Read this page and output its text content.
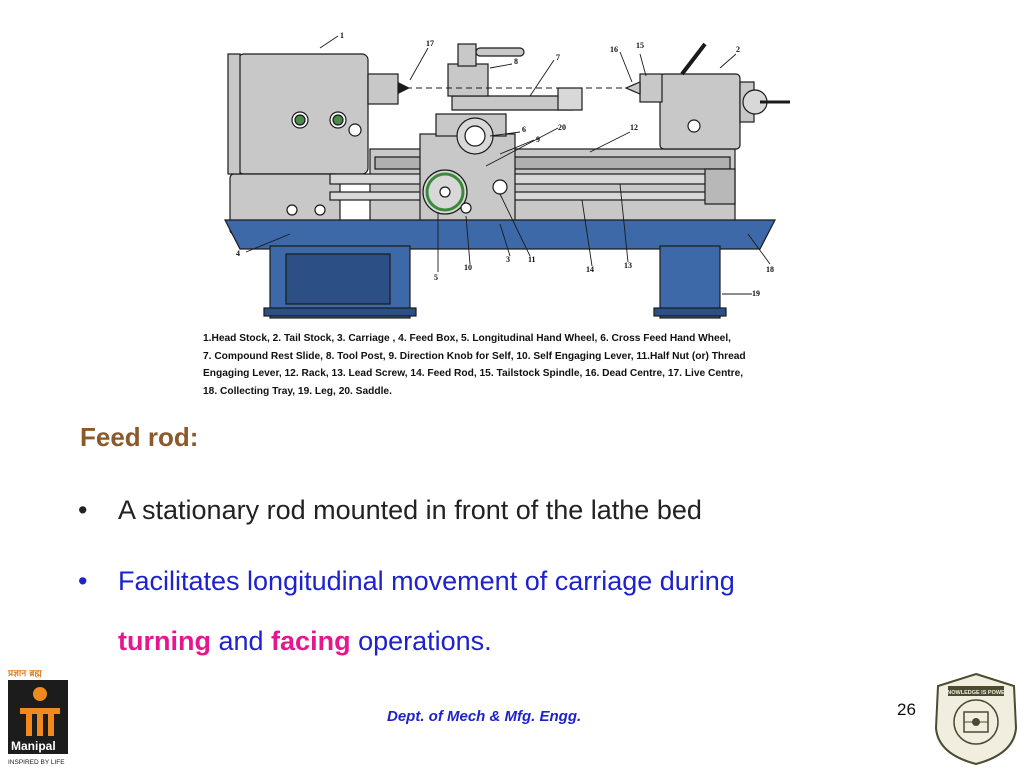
1
17
8	7
16 15	2
6	20
9
12
4
5
10
3 11
14	13	18
19
1.Head Stock, 2. Tail Stock, 3. Carriage , 4. Feed Box, 5. Longitudinal Hand Wheel, 6. Cross Feed Hand Wheel,
7. Compound Rest Slide, 8. Tool Post, 9. Direction Knob for Self, 10. Self Engaging Lever, 11.Half Nut (or) Thread
Engaging Lever, 12. Rack, 13. Lead Screw, 14. Feed Rod, 15. Tailstock Spindle, 16. Dead Centre, 17. Live Centre,
18. Collecting Tray, 19. Leg, 20. Saddle.
Feed rod:
• A stationary rod mounted in front of the lathe bed
• Facilitates longitudinal movement of carriage during
turning and facing operations.
Dept. of Mech & Mfg. Engg.	26
प्रज्ञान ब्रह्म
Manipal
INSPIRED BY LIFE
KNOWLEDGE IS POWER
